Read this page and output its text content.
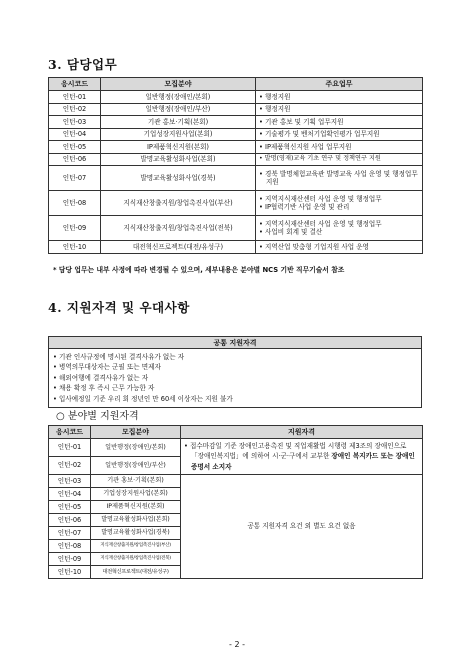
3. 담당업무
응시코드	모집분야	주요업무
인턴-01	일반행정(장애인/본회)	• 행정지원

인턴-02	일반행정(장애인/부산)	• 행정지원

인턴-03	기관 홍보·기획(본회)	• 기관 홍보 및 기획 업무지원

인턴-04	기업성장지원사업(본회)	• 기술평가 및 벤처기업확인평가 업무지원

인턴-05	IP제품혁신지원(본회)	• IP제품혁신지원 사업 업무지원

인턴-06	발명교육활성화사업(본회)	• 발명(영재)교육 기초 연구 및 정책연구 지원

인턴-07	발명교육활성화사업(경북)	• 경북 발명체험교육관 발명교육 사업 운영 및 행정업무 지원

인턴-08	지식재산창출지원/창업촉진사업(부산)	• 지역지식재산센터 사업 운영 및 행정업무
• IP협력기반 사업 운영 및 관리

인턴-09	지식재산창출지원/창업촉진사업(전북)	• 지역지식재산센터 사업 운영 및 행정업무
• 사업비 회계 및 결산

인턴-10	대전혁신프로젝트(대전/유성구)	• 지역산업 맞춤형 기업지원 사업 운영
* 담당 업무는 내부 사정에 따라 변경될 수 있으며, 세부내용은 분야별 NCS 기반 직무기술서 참조
4. 지원자격 및 우대사항
공통 지원자격
• 기관 인사규정에 명시된 결격사유가 없는 자
• 병역의무대상자는 군필 또는 면제자
• 해외여행에 결격사유가 없는 자
• 채용 확정 후 즉시 근무 가능한 자
• 입사예정일 기준 우리 회 정년인 만 60세 이상자는 지원 불가
○ 분야별 지원자격
응시코드	모집분야	지원자격
인턴-01	일반행정(장애인/본회)	• 접수마감일 기준 장애인고용촉진 및 직업재활법 시행령 제3조의 장애인으로 「장애인복지법」에 의하여 시·군·구에서 교부한 장애인 복지카드 또는 장애인 증명서 소지자

인턴-02	일반행정(장애인/부산)	
인턴-03	기관 홍보·기획(본회)	공통 지원자격 요건 외 별도 요건 없음
인턴-04	기업성장지원사업(본회)	
인턴-05	IP제품혁신지원(본회)	
인턴-06	발명교육활성화사업(본회)	
인턴-07	발명교육활성화사업(경북)	
인턴-08	지식재산창출지원/창업촉진사업(부산)	
인턴-09	지식재산창출지원/창업촉진사업(전북)	
인턴-10	대전혁신프로젝트(대전/유성구)	
- 2 -
